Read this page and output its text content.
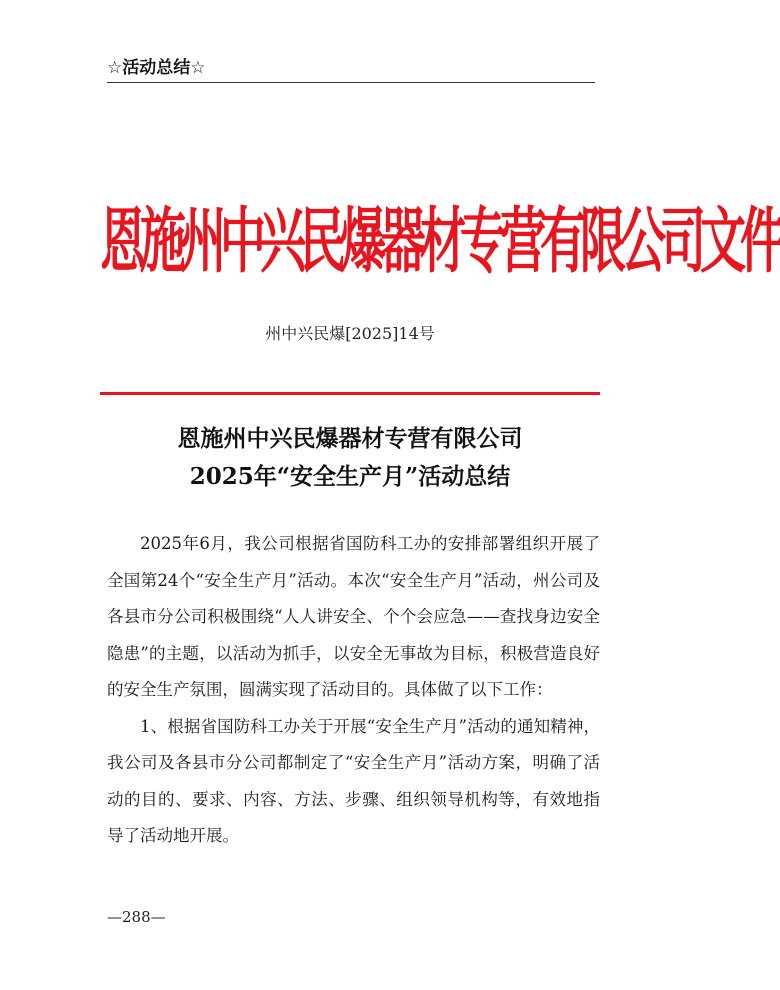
☆活动总结☆
恩施州中兴民爆器材专营有限公司文件
州中兴民爆[2025]14号
恩施州中兴民爆器材专营有限公司
2025年“安全生产月”活动总结

2025年6月，我公司根据省国防科工办的安排部署组织开展了全国第24个“安全生产月”活动。本次“安全生产月”活动，州公司及各县市分公司积极围绕“人人讲安全、个个会应急——查找身边安全隐患”的主题，以活动为抓手，以安全无事故为目标，积极营造良好的安全生产氛围，圆满实现了活动目的。具体做了以下工作：

1、根据省国防科工办关于开展“安全生产月”活动的通知精神，我公司及各县市分公司都制定了“安全生产月”活动方案，明确了活动的目的、要求、内容、方法、步骤、组织领导机构等，有效地指导了活动地开展。

—288—
